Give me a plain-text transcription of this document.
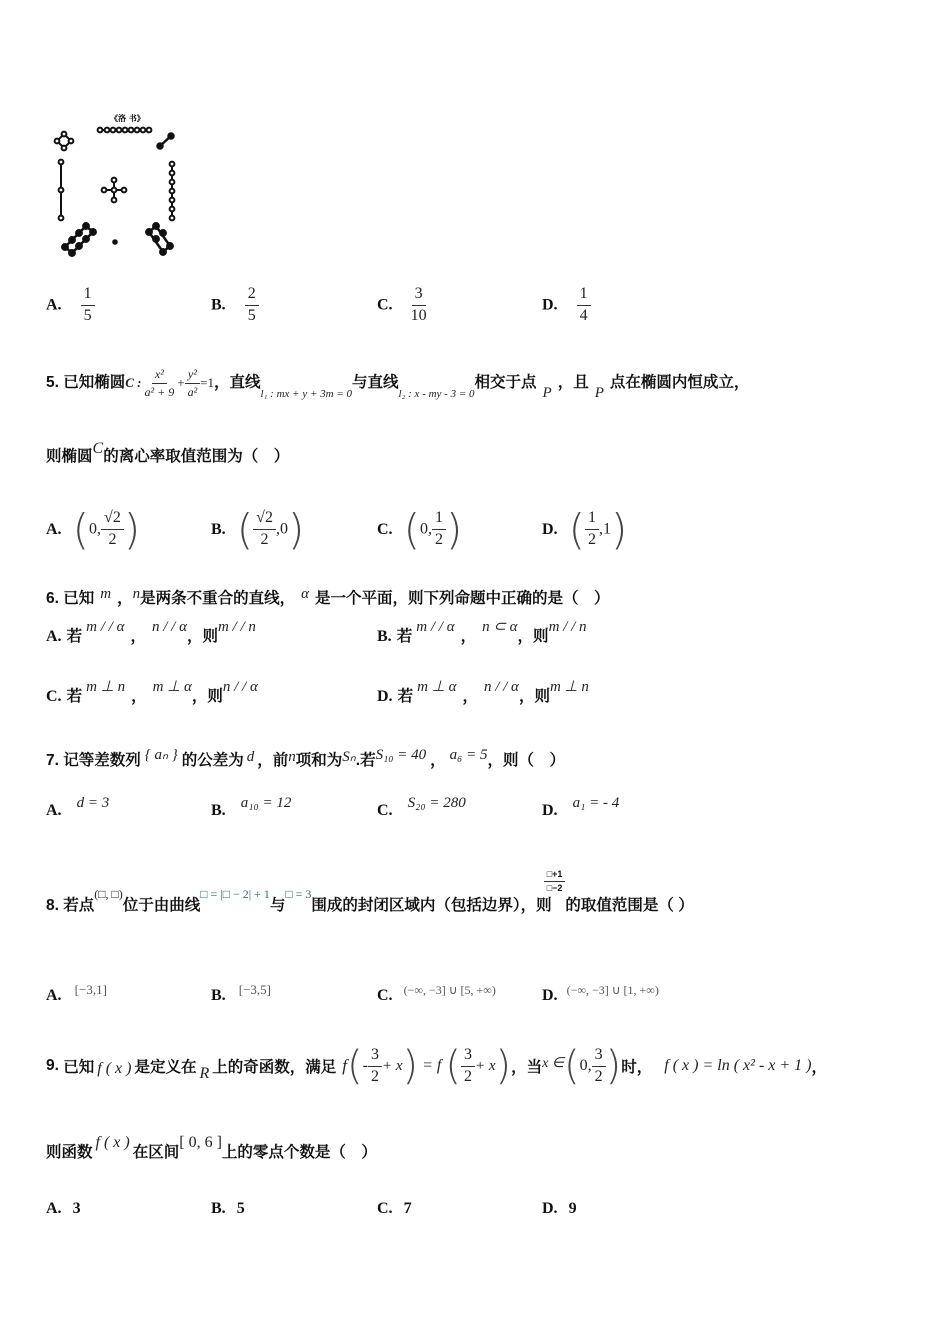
《洛 书》
A. $\frac{1}{5}$	B. $\frac{2}{5}$	C. $\frac{3}{10}$	D. $\frac{1}{4}$
5. 已知椭圆C : $\frac{\text{x²}}{\text{a² + 9}} + \frac{\text{y²}}{\text{a²}} =1$，直线$_{l_1 : mx + y + 3m = 0}$与直线$_{l_2 : x - my - 3 = 0}$相交于点P，且P点在椭圆内恒成立，
则椭圆C的离心率取值范围为（　）
A. (0, $\frac{√2}{2}$ )	B. ( $\frac{√2}{2} ,0$)	C. (0, $\frac{1}{2}$ )	D. ( $\frac{1}{2} ,1$)
6. 已知 m ，n是两条不重合的直线， α 是一个平面，则下列命题中正确的是（　）
A. 若m / / α，n / / α，则m / / n
B. 若m / / α，n ⊂ α，则m / / n
C. 若m ⊥ n，m ⊥ α，则n / / α
D. 若m ⊥ α，n / / α，则m ⊥ n
7. 记等差数列 { aₙ } 的公差为 d ，前n项和为Sₙ.若S₁₀ = 40 ， a₆ = 5，则（　）
A. d = 3	B. a₁₀ = 12	C. S₂₀ = 280	D. a₁ = - 4
8. 若点(□, □)位于由曲线$^{□ = |□ - 2| + 1}$与$^{□ = 3}$围成的封闭区域内（包括边界），则
$\frac{□+1}{□-2}$
的取值范围是（ ）
A. [−3,1]	B. [−3,5]	C. $^{(-\infty, -3] \cup [5, +\infty)}$	D. $^{(-\infty, -3] \cup [1, +\infty)}$
9.
已知 f ( x ) 是定义在 R 上的奇函数，满足 f ( - $\frac{3}{2} + x$ ) = f ( $\frac{3}{2} + x$ ) ，当 x ∈ ( 0, $\frac{3}{2}$ ) 时， f ( x ) = ln ( x² - x + 1 ) ，
则函数f ( x )在区间[ 0, 6 ]上的零点个数是（　）
A. 3	B. 5	C. 7	D. 9
